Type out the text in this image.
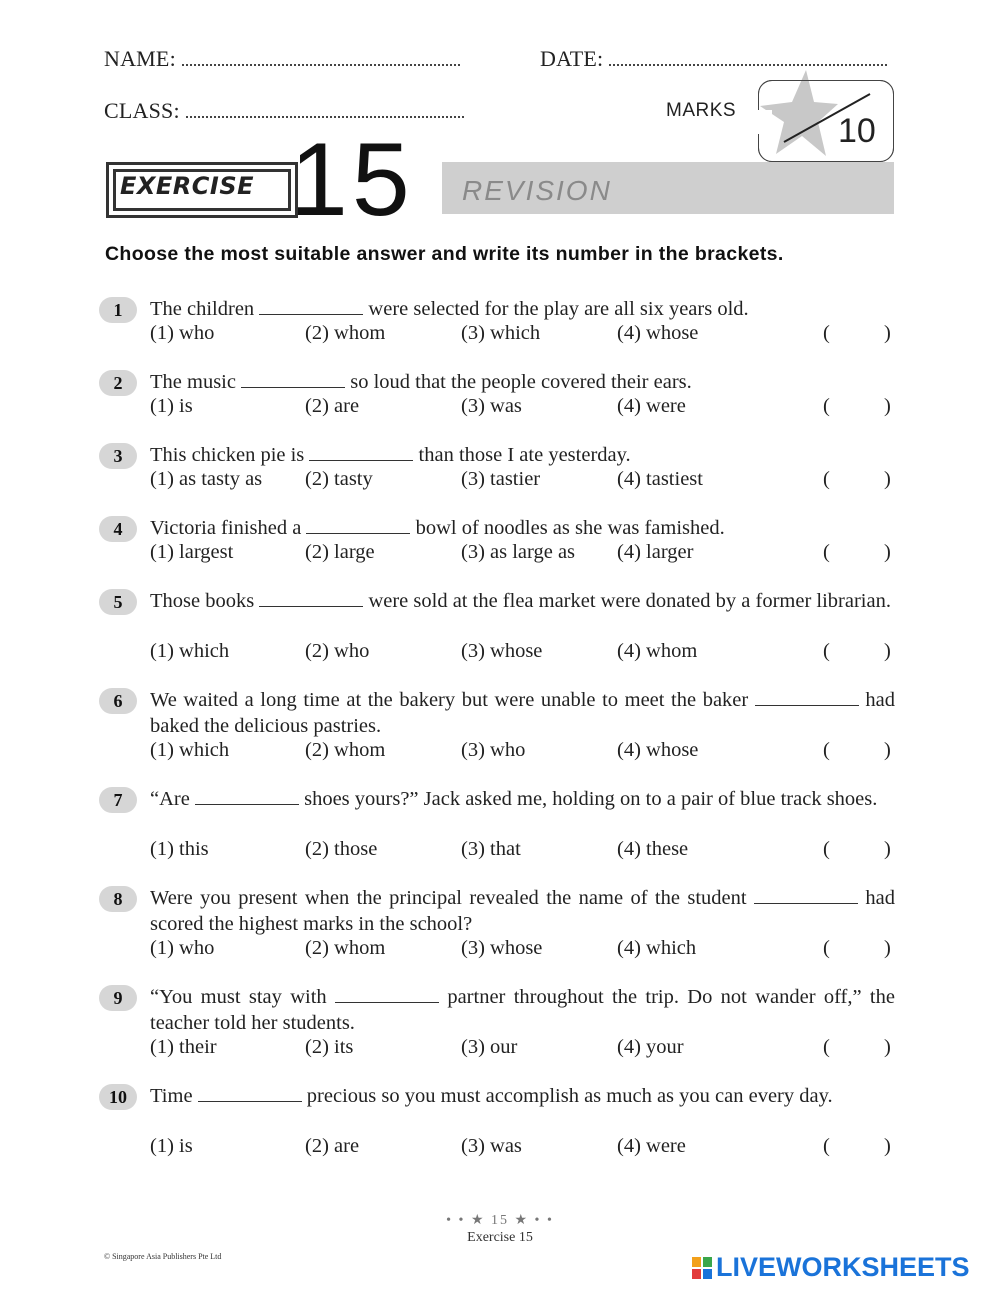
NAME:	DATE:
CLASS:	MARKS
10
EXERCISE 15 REVISION
Choose the most suitable answer and write its number in the brackets.
1	The children	were selected for the play are all six years old.
(1) who	(2) whom	(3) which	(4) whose	(	)
2	The music	so loud that the people covered their ears.
(1) is	(2) are	(3) was	(4) were	(	)
3	This chicken pie is	than those I ate yesterday.
(1) as tasty as (2) tasty	(3) tastier	(4) tastiest	(	)
4	Victoria finished a	bowl of noodles as she was famished.
(1) largest	(2) large	(3) as large as (4) larger	(	)
5	Those books	were sold at the flea market were donated by a former librarian.
(1) which	(2) who	(3) whose	(4) whom	(	)
6	We waited a long time at the bakery but were unable to meet the baker	had baked the delicious pastries.
(1) which	(2) whom	(3) who	(4) whose	(	)
7	“Are	shoes yours?” Jack asked me, holding on to a pair of blue track shoes.
(1) this	(2) those	(3) that	(4) these	(	)
8	Were you present when the principal revealed the name of the student	had scored the highest marks in the school?
(1) who	(2) whom	(3) whose	(4) which	(	)
9	“You must stay with	partner throughout the trip. Do not wander off,” the teacher told her students.
(1) their	(2) its	(3) our	(4) your	(	)
10	Time	precious so you must accomplish as much as you can every day.
(1) is	(2) are	(3) was	(4) were	(	)
• • ★ 15 ★ • •
Exercise 15
© Singapore Asia Publishers Pte Ltd	LIVEWORKSHEETS
